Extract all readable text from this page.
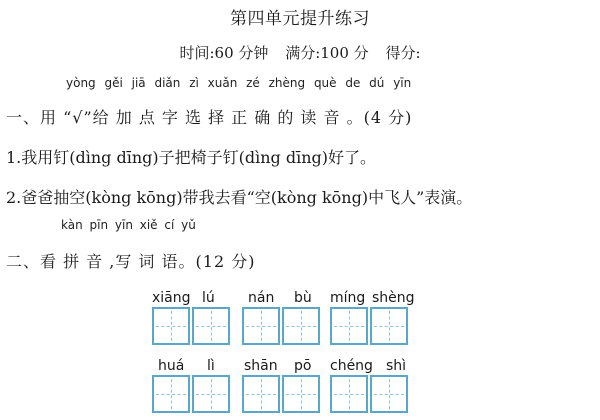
第四单元提升练习
时间:60 分钟 满分:100 分 得分:
yòng gěi jiā diǎn zì xuǎn zé zhèng què de dú yīn
一、用 “√”给 加 点 字 选 择 正 确 的 读 音 。(4 分)
1.我用钉(dìng dīng)子把椅子钉(dìng dīng)好了。
2.爸爸抽空(kòng kōng)带我去看“空(kòng kōng)中飞人”表演。
kàn pīn yīn xiě cí yǔ
二、看 拼 音 ,写 词 语。(12 分)
xiāng lú nán bù míng shèng
huá lì shān pō chéng shì
